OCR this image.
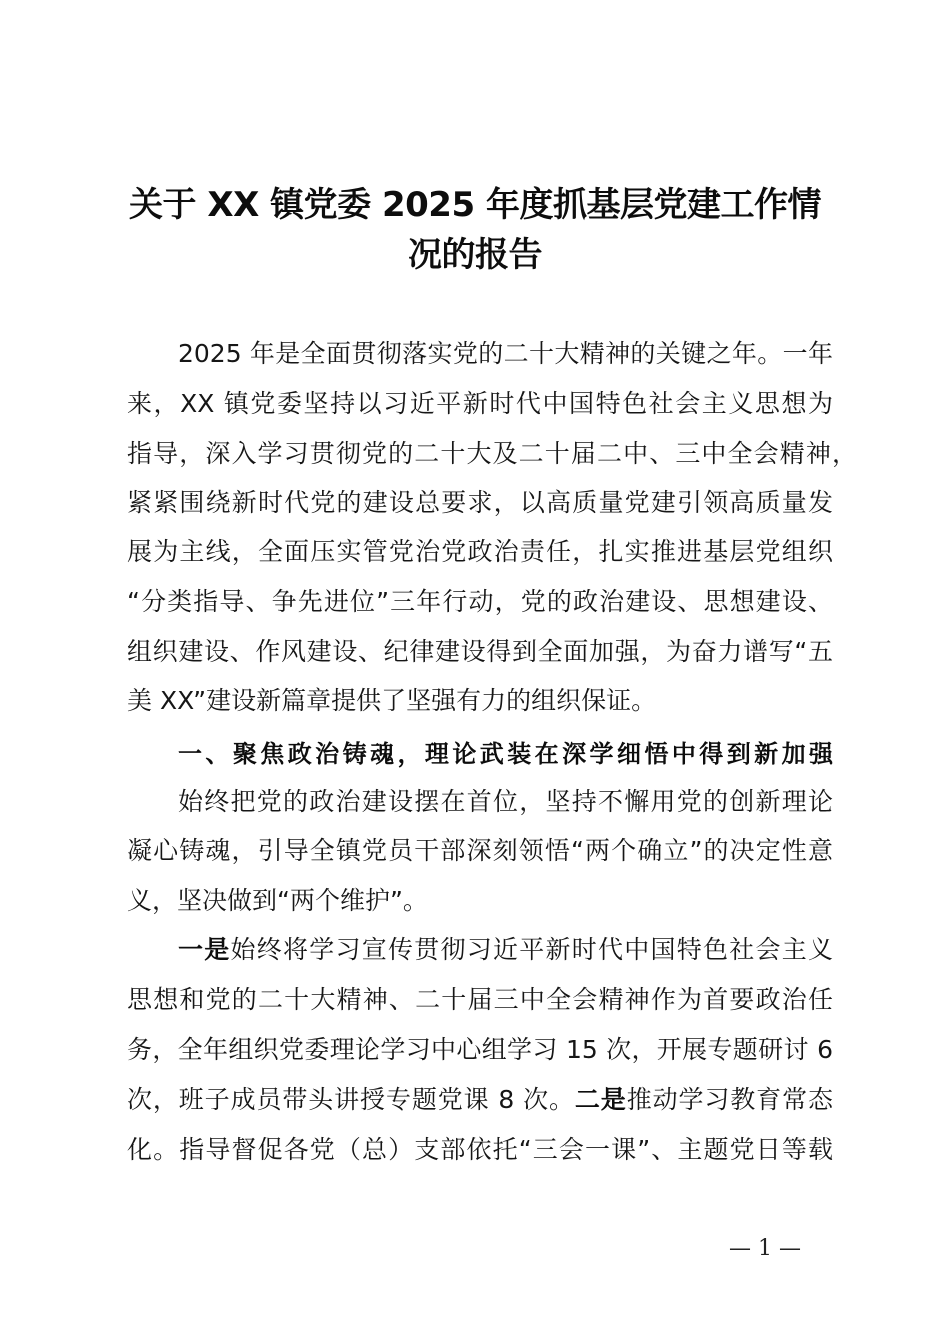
关于 XX 镇党委 2025 年度抓基层党建工作情
况的报告
2025 年是全面贯彻落实党的二十大精神的关键之年。一年
来，XX 镇党委坚持以习近平新时代中国特色社会主义思想为
指导，深入学习贯彻党的二十大及二十届二中、三中全会精神，
紧紧围绕新时代党的建设总要求，以高质量党建引领高质量发
展为主线，全面压实管党治党政治责任，扎实推进基层党组织
“分类指导、争先进位”三年行动，党的政治建设、思想建设、
组织建设、作风建设、纪律建设得到全面加强，为奋力谱写“五
美 XX”建设新篇章提供了坚强有力的组织保证。
一、聚焦政治铸魂，理论武装在深学细悟中得到新加强
始终把党的政治建设摆在首位，坚持不懈用党的创新理论
凝心铸魂，引导全镇党员干部深刻领悟“两个确立”的决定性意
义，坚决做到“两个维护”。
一是始终将学习宣传贯彻习近平新时代中国特色社会主义
思想和党的二十大精神、二十届三中全会精神作为首要政治任
务，全年组织党委理论学习中心组学习 15 次，开展专题研讨 6
次，班子成员带头讲授专题党课 8 次。二是推动学习教育常态
化。指导督促各党（总）支部依托“三会一课”、主题党日等载
— 1 —
